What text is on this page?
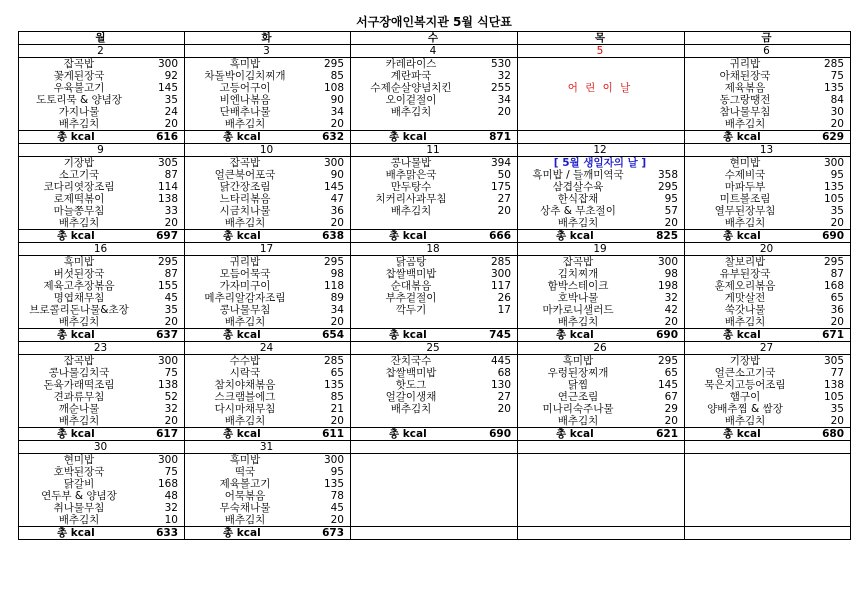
서구장애인복지관 5월 식단표
월	화	수	목	금
2	3	4	5	6

잡곡밥 300	흑미밥 295	카레라이스 530		귀리밥 285

꽃게된장국 92	차돌박이김치찌개 85	계란파국 32		아채된장국 75

우육불고기 145	고등어구이 108	수제순살양념치킨 255	어 린 이 날	제육볶음 135

도토리묵 & 양념장 35	비엔나볶음 90	오이겉절이 34		동그랑땡전 84

가지나물 24	단배추나물 34	배추김치 20		참나물무침 30

배추김치 20	배추김치 20			배추김치 20

총 kcal 616	총 kcal 632	총 kcal 871		총 kcal 629

9	10	11	12	13

기장밥 305	잡곡밥 300	콩나물밥 394	[ 5월 생일자의 날 ]	현미밥 300

소고기국 87	얼큰북어포국 90	배추맑은국 50	흑미밥 / 들깨미역국 358	수제비국 95

코다리엿장조림 114	닭간장조림 145	만두탕수 175	삼겹살수육 295	마파두부 135

로제떡볶이 138	느타리볶음 47	치커리사과무침 27	한식잡채 95	미트볼조림 105

마늘쫑무침 33	시금치나물 36	배추김치 20	상추 & 무초절이 57	열무된장무침 35

배추김치 20	배추김치 20		배추김치 20	배추김치 20

총 kcal 697	총 kcal 638	총 kcal 666	총 kcal 825	총 kcal 690

16	17	18	19	20

흑미밥 295	귀리밥 295	닭곰탕 285	잡곡밥 300	찰보리밥 295

버섯된장국 87	모듬어묵국 98	찹쌀백미밥 300	김치찌개 98	유부된장국 87

제육고추장볶음 155	가자미구이 118	순대볶음 117	함박스테이크 198	훈제오리볶음 168

명엽채무침 45	메추리알감자조림 89	부추겉절이 26	호박나물 32	게맛살전 65

브로콜리돈나물&초장 35	콩나물무침 34	깍두기 17	마카로니샐러드 42	쑥갓나물 36

배추김치 20	배추김치 20		배추김치 20	배추김치 20

총 kcal 637	총 kcal 654	총 kcal 745	총 kcal 690	총 kcal 671

23	24	25	26	27

잡곡밥 300	수수밥 285	잔치국수 445	흑미밥 295	기장밥 305

콩나물김치국 75	시락국 65	찹쌀백미밥 68	우렁된장찌개 65	얼큰소고기국 77

돈육가래떡조림 138	참치야채볶음 135	핫도그 130	닭찜 145	묵은지고등어조림 138

견과류무침 52	스크램블에그 85	얼갈이생채 27	연근조림 67	햄구이 105

깨순나물 32	다시마채무침 21	배추김치 20	미나리숙주나물 29	양배추찜 & 쌈장 35

배추김치 20	배추김치 20		배추김치 20	배추김치 20

총 kcal 617	총 kcal 611	총 kcal 690	총 kcal 621	총 kcal 680

30	31			

현미밥 300	흑미밥 300			

호박된장국 75	떡국 95			

닭갈비 168	제육볼고기 135			

연두부 & 양념장 48	어묵볶음 78			

취나물무침 32	무숙채나물 45			

배추김치 10	배추김치 20			

총 kcal 633	총 kcal 673			
